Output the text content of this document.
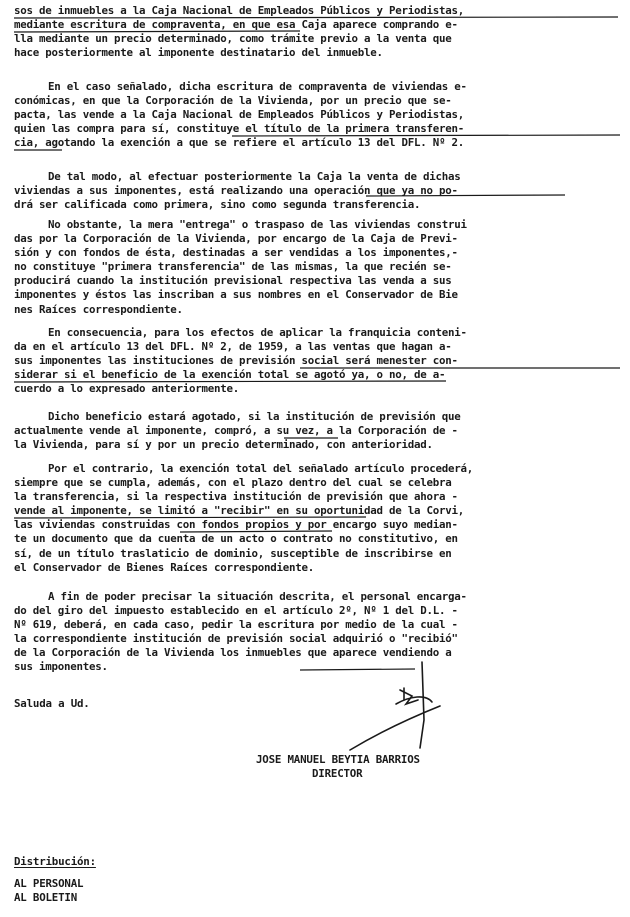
sos de inmuebles a la Caja Nacional de Empleados Públicos y Periodistas,
mediante escritura de compraventa, en que esa Caja aparece comprando e-
lla mediante un precio determinado, como trámite previo a la venta que
hace posteriormente al imponente destinatario del inmueble.
En el caso señalado, dicha escritura de compraventa de viviendas e-
conómicas, en que la Corporación de la Vivienda, por un precio que se-
pacta, las vende a la Caja Nacional de Empleados Públicos y Periodistas,
quien las compra para sí, constituye el título de la primera transferen-
cia, agotando la exención a que se refiere el artículo 13 del DFL. Nº 2.
De tal modo, al efectuar posteriormente la Caja la venta de dichas
viviendas a sus imponentes, está realizando una operación que ya no po-
drá ser calificada como primera, sino como segunda transferencia.
No obstante, la mera "entrega" o traspaso de las viviendas construi
das por la Corporación de la Vivienda, por encargo de la Caja de Previ-
sión y con fondos de ésta, destinadas a ser vendidas a los imponentes,-
no constituye "primera transferencia" de las mismas, la que recién se-
producirá cuando la institución previsional respectiva las venda a sus
imponentes y éstos las inscriban a sus nombres en el Conservador de Bie
nes Raíces correspondiente.
En consecuencia, para los efectos de aplicar la franquicia conteni-
da en el artículo 13 del DFL. Nº 2, de 1959, a las ventas que hagan a-
sus imponentes las instituciones de previsión social será menester con-
siderar si el beneficio de la exención total se agotó ya, o no, de a-
cuerdo a lo expresado anteriormente.
Dicho beneficio estará agotado, si la institución de previsión que
actualmente vende al imponente, compró, a su vez, a la Corporación de -
la Vivienda, para sí y por un precio determinado, con anterioridad.
Por el contrario, la exención total del señalado artículo procederá,
siempre que se cumpla, además, con el plazo dentro del cual se celebra
la transferencia, si la respectiva institución de previsión que ahora -
vende al imponente, se limitó a "recibir" en su oportunidad de la Corvi,
las viviendas construidas con fondos propios y por encargo suyo median-
te un documento que da cuenta de un acto o contrato no constitutivo, en
sí, de un título traslaticio de dominio, susceptible de inscribirse en
el Conservador de Bienes Raíces correspondiente.
A fin de poder precisar la situación descrita, el personal encarga-
do del giro del impuesto establecido en el artículo 2º, Nº 1 del D.L. -
Nº 619, deberá, en cada caso, pedir la escritura por medio de la cual -
la correspondiente institución de previsión social adquirió o "recibió"
de la Corporación de la Vivienda los inmuebles que aparece vendiendo a
sus imponentes.
Saluda a Ud.
JOSE MANUEL BEYTIA BARRIOS
DIRECTOR
Distribución:
AL PERSONAL
AL BOLETIN
